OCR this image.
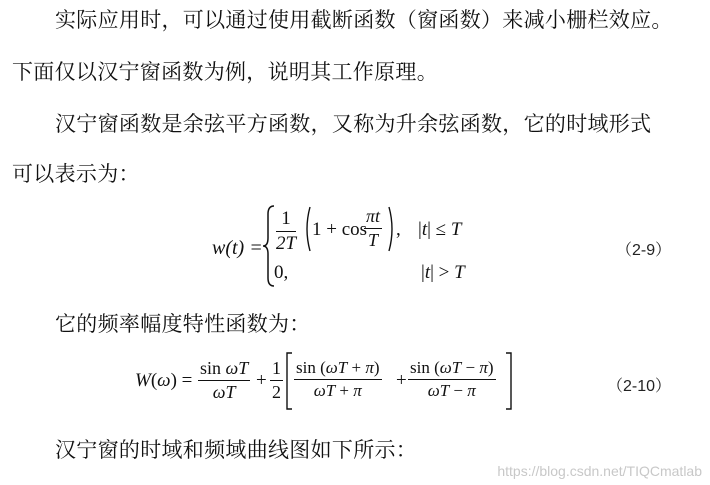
实际应用时，可以通过使用截断函数（窗函数）来减小栅栏效应。
下面仅以汉宁窗函数为例，说明其工作原理。
汉宁窗函数是余弦平方函数，又称为升余弦函数，它的时域形式
可以表示为：
$w(t) = \frac{1}{2T} 1 + \cos$
$\frac{\pi t}{T}$ , |t| ≤ T
0,	|t| > T
（2-9）
它的频率幅度特性函数为：
$W(\omega) = \frac{\text{sin ωT}}{\omega T} + \frac{1}{2} \frac{\sin (\omega T + \pi)}{\omega T + \pi} + \frac{\sin (\omega T - \pi)}{\omega T - \pi}$	（2-10）
汉宁窗的时域和频域曲线图如下所示：
https://blog.csdn.net/TIQCmatlab
